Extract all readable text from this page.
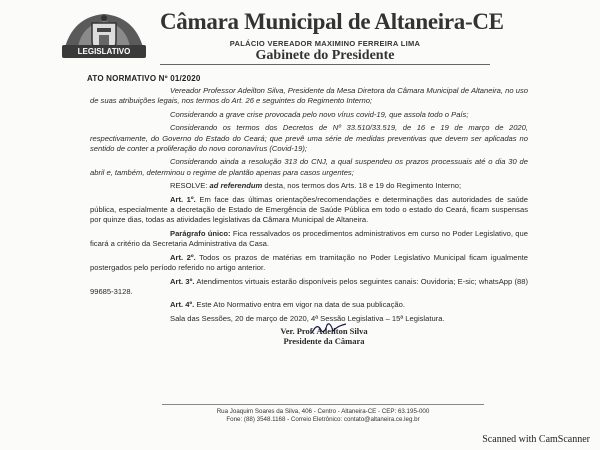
LEGISLATIVO
Câmara Municipal de Altaneira-CE
PALÁCIO VEREADOR MAXIMINO FERREIRA LIMA
Gabinete do Presidente
ATO NORMATIVO Nº 01/2020

Vereador Professor Adeilton Silva, Presidente da Mesa Diretora da Câmara Municipal de Altaneira, no uso de suas atribuições legais, nos termos do Art. 26 e seguintes do Regimento Interno;

Considerando a grave crise provocada pelo novo vírus covid-19, que assola todo o País;

Considerando os termos dos Decretos de Nº 33.510/33.519, de 16 e 19 de março de 2020, respectivamente, do Governo do Estado do Ceará; que prevê uma série de medidas preventivas que devem ser aplicadas no sentido de conter a proliferação do novo coronavírus (Covid-19);

Considerando ainda a resolução 313 do CNJ, a qual suspendeu os prazos processuais até o dia 30 de abril e, também, determinou o regime de plantão apenas para casos urgentes;

RESOLVE: ad referendum desta, nos termos dos Arts. 18 e 19 do Regimento Interno;

Art. 1º. Em face das últimas orientações/recomendações e determinações das autoridades de saúde pública, especialmente a decretação de Estado de Emergência de Saúde Pública em todo o estado do Ceará, ficam suspensas por quinze dias, todas as atividades legislativas da Câmara Municipal de Altaneira.

Parágrafo único: Fica ressalvados os procedimentos administrativos em curso no Poder Legislativo, que ficará a critério da Secretaria Administrativa da Casa.

Art. 2º. Todos os prazos de matérias em tramitação no Poder Legislativo Municipal ficam igualmente postergados pelo período referido no artigo anterior.

Art. 3º. Atendimentos virtuais estarão disponíveis pelos seguintes canais: Ouvidoria; E-sic; whatsApp (88) 99685-3128.

Art. 4º. Este Ato Normativo entra em vigor na data de sua publicação.

Sala das Sessões, 20 de março de 2020, 4ª Sessão Legislativa – 15ª Legislatura.

Ver. Prof. Adeilton Silva
Presidente da Câmara
Rua Joaquim Soares da Silva, 406 - Centro - Altaneira-CE - CEP: 63.195-000
Fone: (88) 3548.1168 - Correio Eletrônico: contato@altaneira.ce.leg.br
Scanned with CamScanner
